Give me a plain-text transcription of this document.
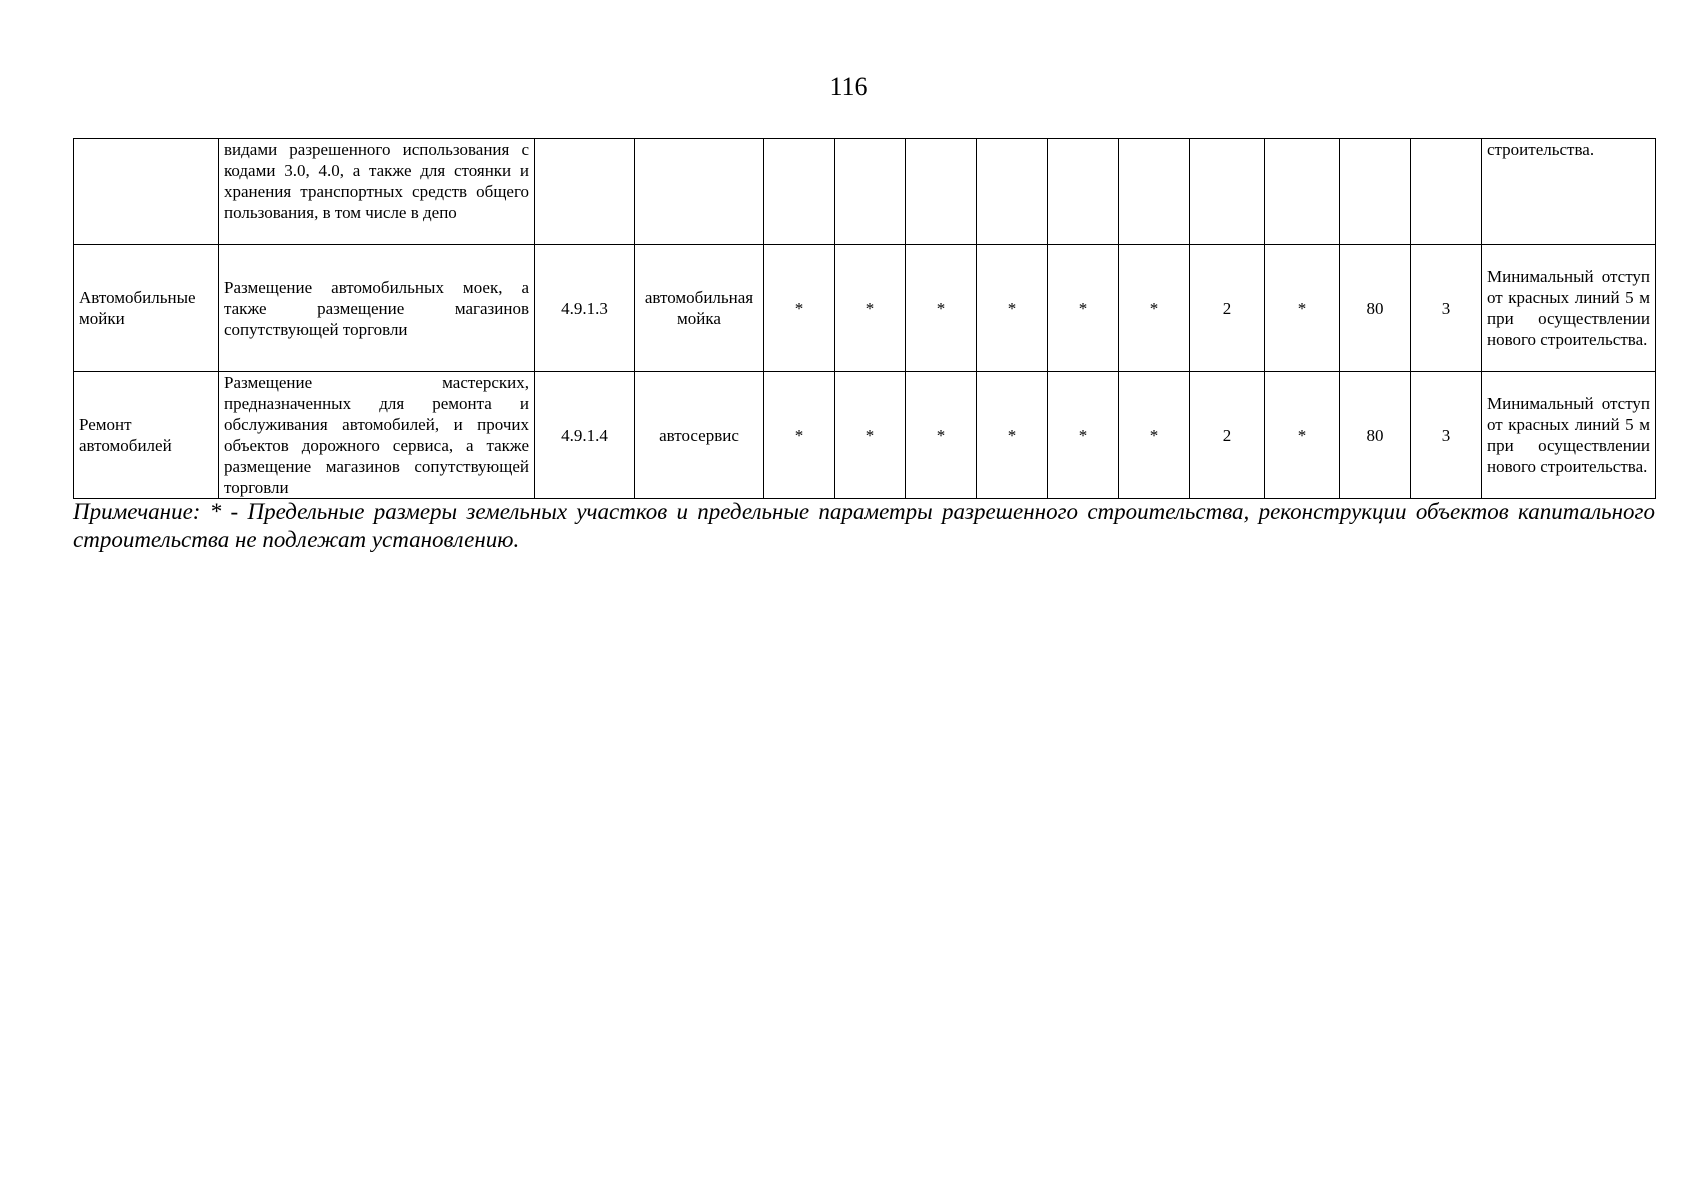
116
	видами разрешенного использования с кодами 3.0, 4.0, а также для стоянки и хранения транспортных средств общего пользования, в том числе в депо													строительства.
Автомобильные мойки	Размещение автомобильных моек, а также размещение магазинов сопутствующей торговли	4.9.1.3	автомобильная мойка	*	*	*	*	*	*	2	*	80	3	Минимальный отступ от красных линий 5 м при осуществлении нового строительства.
Ремонт автомобилей	Размещение мастерских, предназначенных для ремонта и обслуживания автомобилей, и прочих объектов дорожного сервиса, а также размещение магазинов сопутствующей торговли	4.9.1.4	автосервис	*	*	*	*	*	*	2	*	80	3	Минимальный отступ от красных линий 5 м при осуществлении нового строительства.
Примечание: * - Предельные размеры земельных участков и предельные параметры разрешенного строительства, реконструкции объектов капитального строительства не подлежат установлению.
